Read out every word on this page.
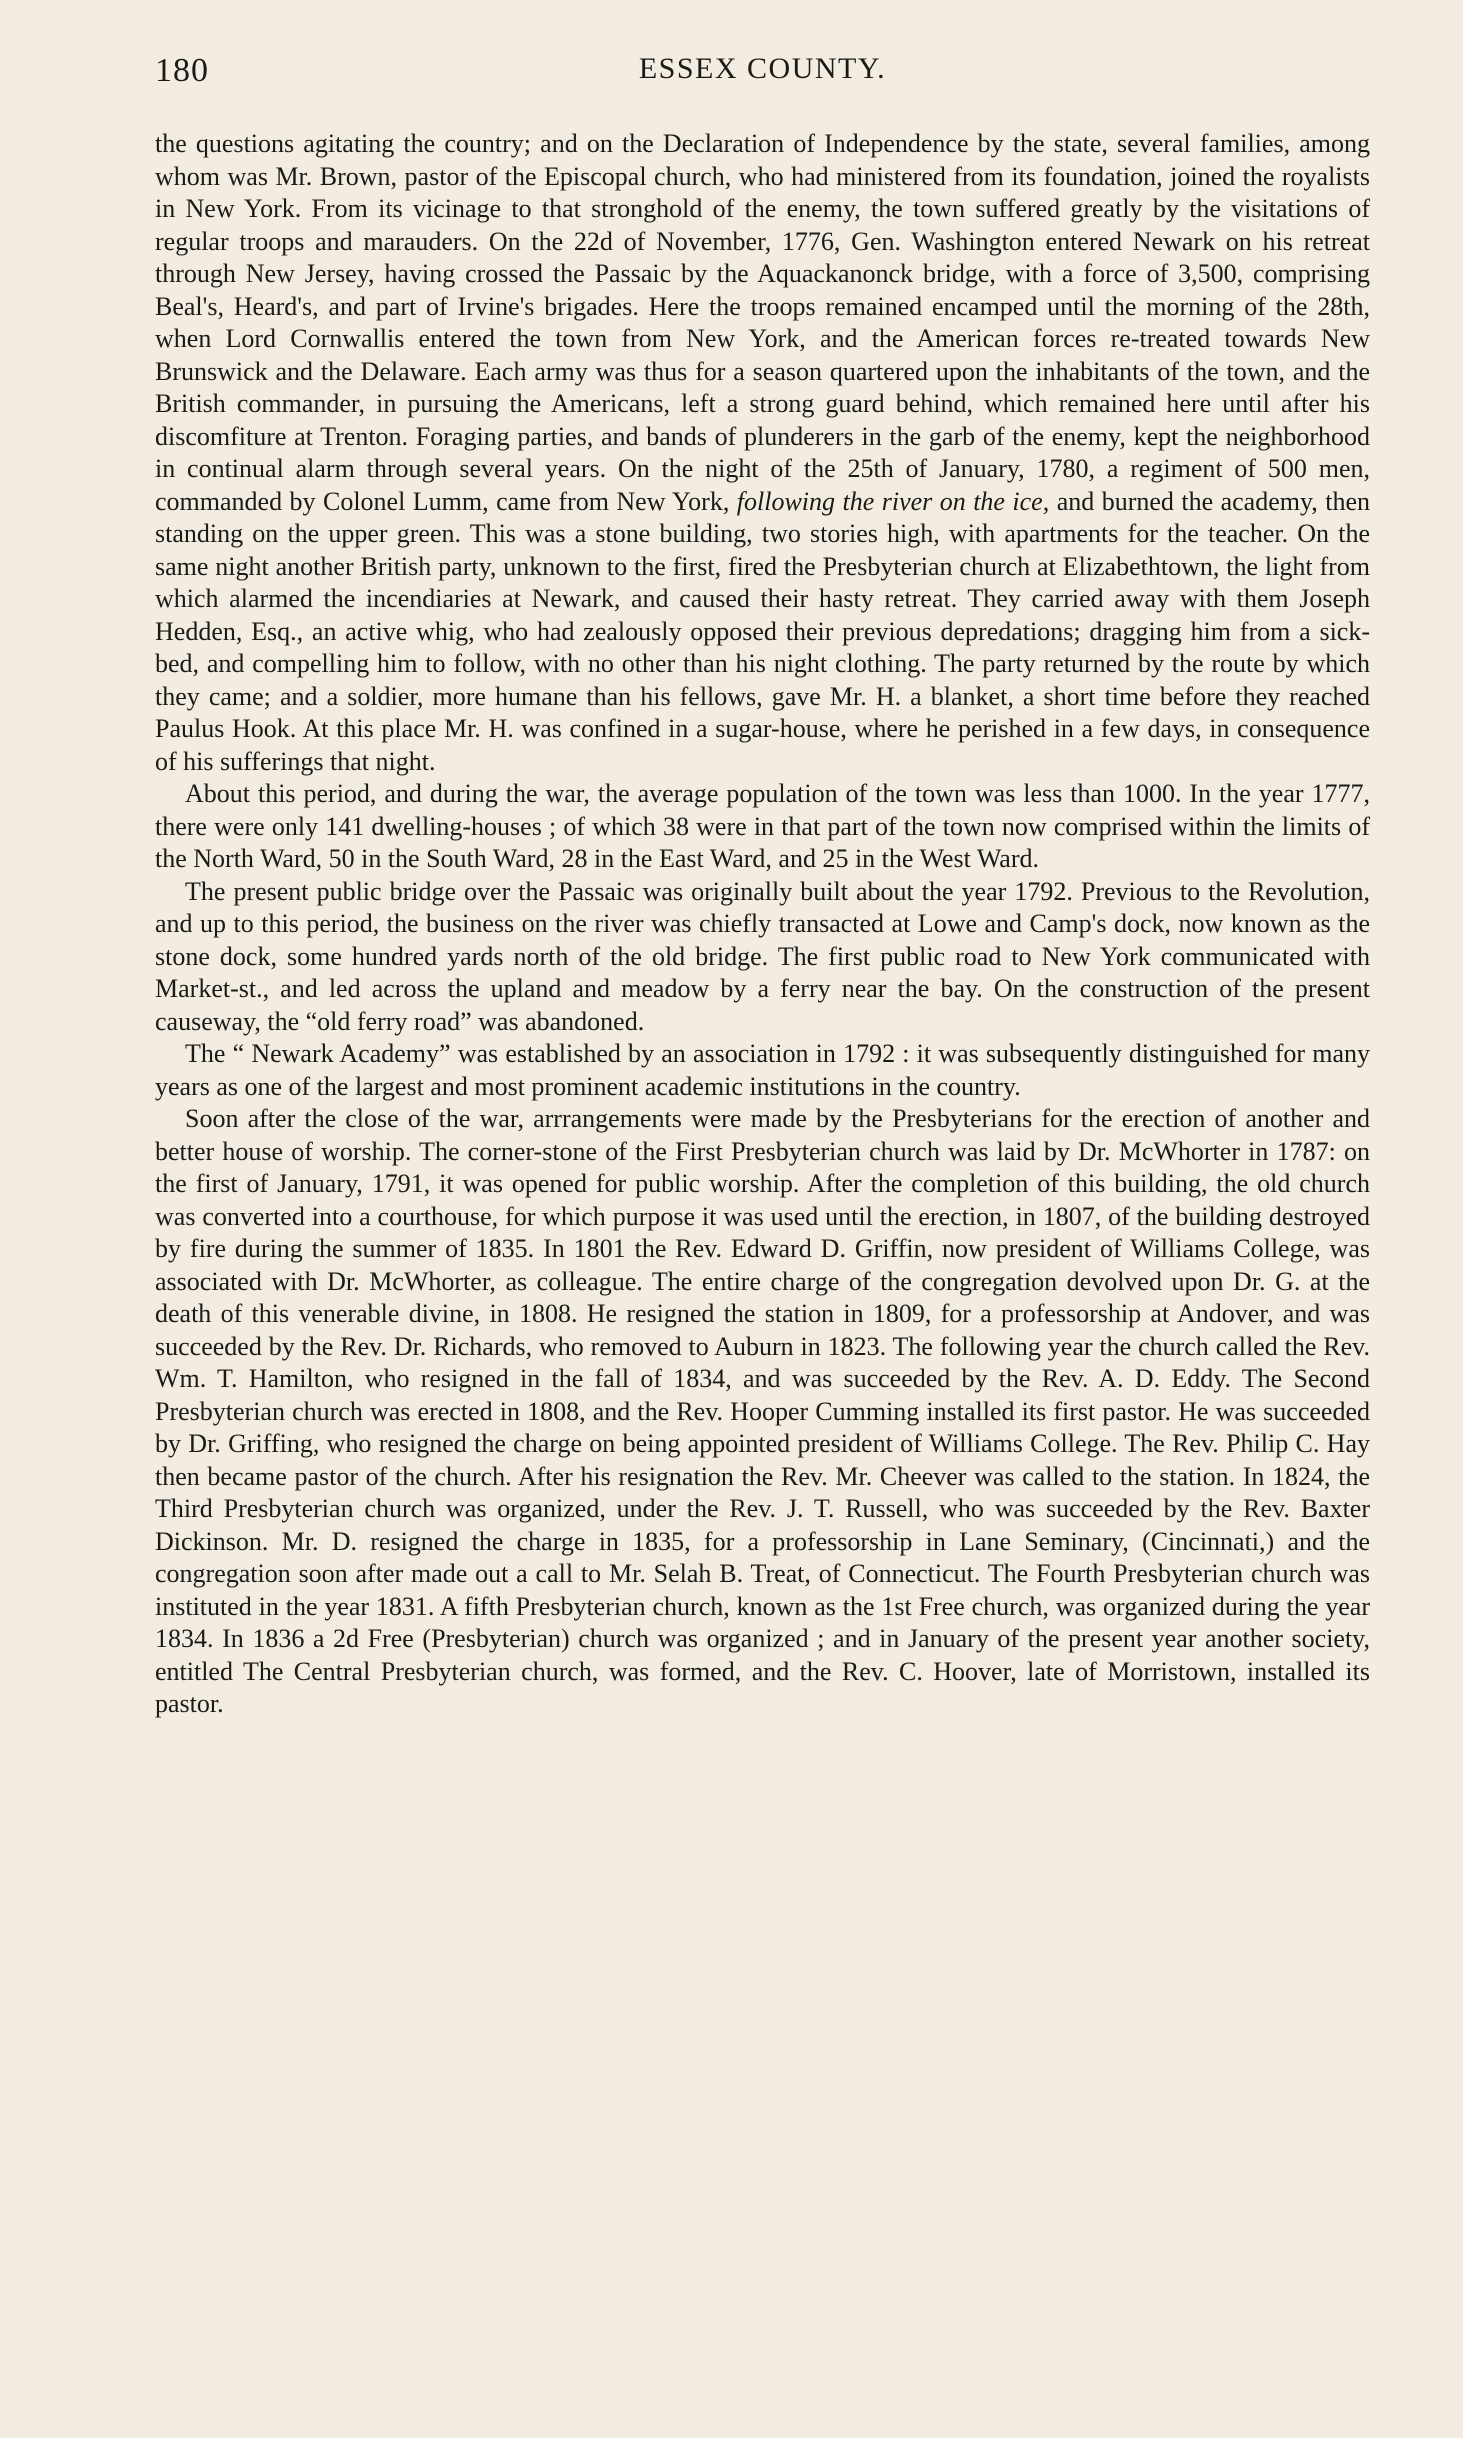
180	ESSEX COUNTY.

the questions agitating the country; and on the Declaration of Independence by the state, several families, among whom was Mr. Brown, pastor of the Episcopal church, who had ministered from its foundation, joined the royalists in New York. From its vicinage to that stronghold of the enemy, the town suffered greatly by the visitations of regular troops and marauders. On the 22d of November, 1776, Gen. Washington entered Newark on his retreat through New Jersey, having crossed the Passaic by the Aquackanonck bridge, with a force of 3,500, comprising Beal's, Heard's, and part of Irvine's brigades. Here the troops remained encamped until the morning of the 28th, when Lord Cornwallis entered the town from New York, and the American forces re-treated towards New Brunswick and the Delaware. Each army was thus for a season quartered upon the inhabitants of the town, and the British commander, in pursuing the Americans, left a strong guard behind, which remained here until after his discomfiture at Trenton. Foraging parties, and bands of plunderers in the garb of the enemy, kept the neighborhood in continual alarm through several years. On the night of the 25th of January, 1780, a regiment of 500 men, commanded by Colonel Lumm, came from New York, following the river on the ice, and burned the academy, then standing on the upper green. This was a stone building, two stories high, with apartments for the teacher. On the same night another British party, unknown to the first, fired the Presbyterian church at Elizabethtown, the light from which alarmed the incendiaries at Newark, and caused their hasty retreat. They carried away with them Joseph Hedden, Esq., an active whig, who had zealously opposed their previous depredations; dragging him from a sick-bed, and compelling him to follow, with no other than his night clothing. The party returned by the route by which they came; and a soldier, more humane than his fellows, gave Mr. H. a blanket, a short time before they reached Paulus Hook. At this place Mr. H. was confined in a sugar-house, where he perished in a few days, in consequence of his sufferings that night.

About this period, and during the war, the average population of the town was less than 1000. In the year 1777, there were only 141 dwelling-houses ; of which 38 were in that part of the town now comprised within the limits of the North Ward, 50 in the South Ward, 28 in the East Ward, and 25 in the West Ward.

The present public bridge over the Passaic was originally built about the year 1792. Previous to the Revolution, and up to this period, the business on the river was chiefly transacted at Lowe and Camp's dock, now known as the stone dock, some hundred yards north of the old bridge. The first public road to New York communicated with Market-st., and led across the upland and meadow by a ferry near the bay. On the construction of the present causeway, the “old ferry road” was abandoned.

The “ Newark Academy” was established by an association in 1792 : it was subsequently distinguished for many years as one of the largest and most prominent academic institutions in the country.

Soon after the close of the war, arrrangements were made by the Presbyterians for the erection of another and better house of worship. The corner-stone of the First Presbyterian church was laid by Dr. McWhorter in 1787: on the first of January, 1791, it was opened for public worship. After the completion of this building, the old church was converted into a courthouse, for which purpose it was used until the erection, in 1807, of the building destroyed by fire during the summer of 1835. In 1801 the Rev. Edward D. Griffin, now president of Williams College, was associated with Dr. McWhorter, as colleague. The entire charge of the congregation devolved upon Dr. G. at the death of this venerable divine, in 1808. He resigned the station in 1809, for a professorship at Andover, and was succeeded by the Rev. Dr. Richards, who removed to Auburn in 1823. The following year the church called the Rev. Wm. T. Hamilton, who resigned in the fall of 1834, and was succeeded by the Rev. A. D. Eddy. The Second Presbyterian church was erected in 1808, and the Rev. Hooper Cumming installed its first pastor. He was succeeded by Dr. Griffing, who resigned the charge on being appointed president of Williams College. The Rev. Philip C. Hay then became pastor of the church. After his resignation the Rev. Mr. Cheever was called to the station. In 1824, the Third Presbyterian church was organized, under the Rev. J. T. Russell, who was succeeded by the Rev. Baxter Dickinson. Mr. D. resigned the charge in 1835, for a professorship in Lane Seminary, (Cincinnati,) and the congregation soon after made out a call to Mr. Selah B. Treat, of Connecticut. The Fourth Presbyterian church was instituted in the year 1831. A fifth Presbyterian church, known as the 1st Free church, was organized during the year 1834. In 1836 a 2d Free (Presbyterian) church was organized ; and in January of the present year another society, entitled The Central Presbyterian church, was formed, and the Rev. C. Hoover, late of Morristown, installed its pastor.
